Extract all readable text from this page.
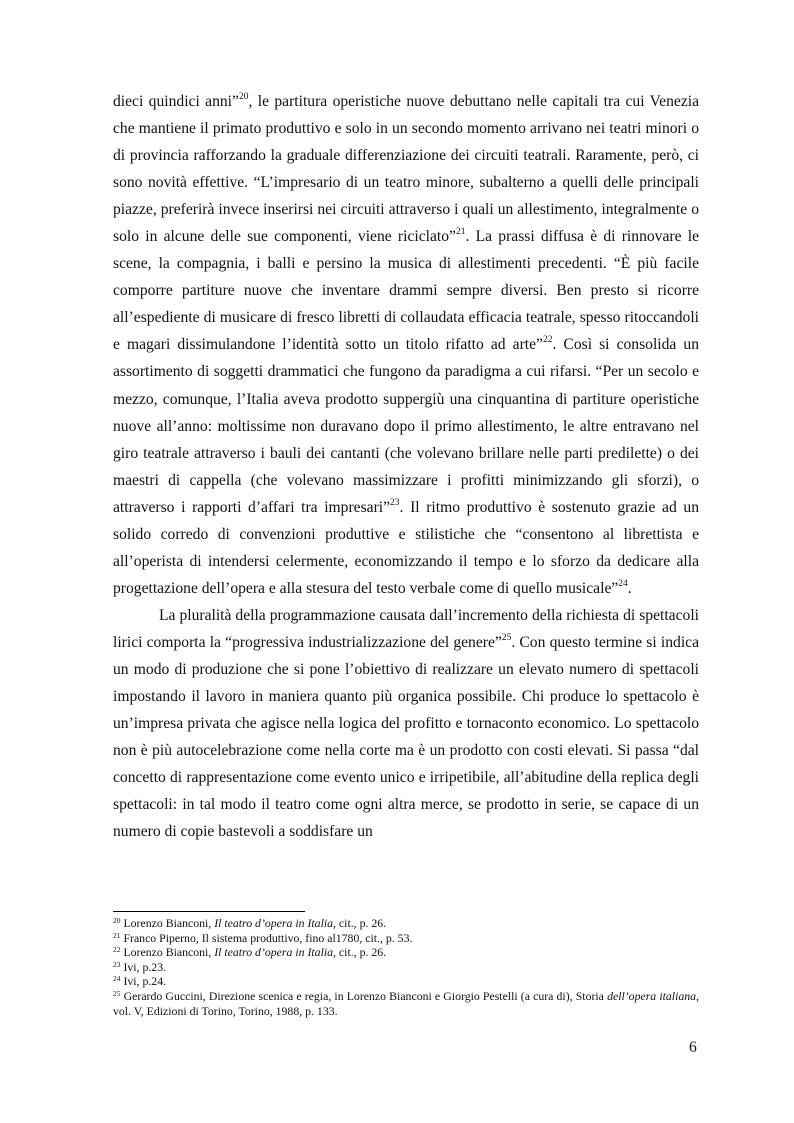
dieci quindici anni”$^{20}$, le partitura operistiche nuove debuttano nelle capitali tra cui Venezia che mantiene il primato produttivo e solo in un secondo momento arrivano nei teatri minori o di provincia rafforzando la graduale differenziazione dei circuiti teatrali. Raramente, però, ci sono novità effettive. “L’impresario di un teatro minore, subalterno a quelli delle principali piazze, preferirà invece inserirsi nei circuiti attraverso i quali un allestimento, integralmente o solo in alcune delle sue componenti, viene riciclato”$^{21}$. La prassi diffusa è di rinnovare le scene, la compagnia, i balli e persino la musica di allestimenti precedenti. “È più facile comporre partiture nuove che inventare drammi sempre diversi. Ben presto si ricorre all’espediente di musicare di fresco libretti di collaudata efficacia teatrale, spesso ritoccandoli e magari dissimulandone l’identità sotto un titolo rifatto ad arte”$^{22}$. Così si consolida un assortimento di soggetti drammatici che fungono da paradigma a cui rifarsi. “Per un secolo e mezzo, comunque, l’Italia aveva prodotto suppergiù una cinquantina di partiture operistiche nuove all’anno: moltissime non duravano dopo il primo allestimento, le altre entravano nel giro teatrale attraverso i bauli dei cantanti (che volevano brillare nelle parti predilette) o dei maestri di cappella (che volevano massimizzare i profitti minimizzando gli sforzi), o attraverso i rapporti d’affari tra impresari”$^{23}$. Il ritmo produttivo è sostenuto grazie ad un solido corredo di convenzioni produttive e stilistiche che “consentono al librettista e all’operista di intendersi celermente, economizzando il tempo e lo sforzo da dedicare alla progettazione dell’opera e alla stesura del testo verbale come di quello musicale”$^{24}$.

La pluralità della programmazione causata dall’incremento della richiesta di spettacoli lirici comporta la “progressiva industrializzazione del genere”$^{25}$. Con questo termine si indica un modo di produzione che si pone l’obiettivo di realizzare un elevato numero di spettacoli impostando il lavoro in maniera quanto più organica possibile. Chi produce lo spettacolo è un’impresa privata che agisce nella logica del profitto e tornaconto economico. Lo spettacolo non è più autocelebrazione come nella corte ma è un prodotto con costi elevati. Si passa “dal concetto di rappresentazione come evento unico e irripetibile, all’abitudine della replica degli spettacoli: in tal modo il teatro come ogni altra merce, se prodotto in serie, se capace di un numero di copie bastevoli a soddisfare un

$^{20}$ Lorenzo Bianconi, Il teatro d’opera in Italia, cit., p. 26.

$^{21}$ Franco Piperno, Il sistema produttivo, fino al1780, cit., p. 53.

$^{22}$ Lorenzo Bianconi, Il teatro d’opera in Italia, cit., p. 26.

$^{23}$ Ivi, p.23.

$^{24}$ Ivi, p.24.

$^{25}$ Gerardo Guccini, Direzione scenica e regia, in Lorenzo Bianconi e Giorgio Pestelli (a cura di), Storia dell’opera italiana, vol. V, Edizioni di Torino, Torino, 1988, p. 133.

6
